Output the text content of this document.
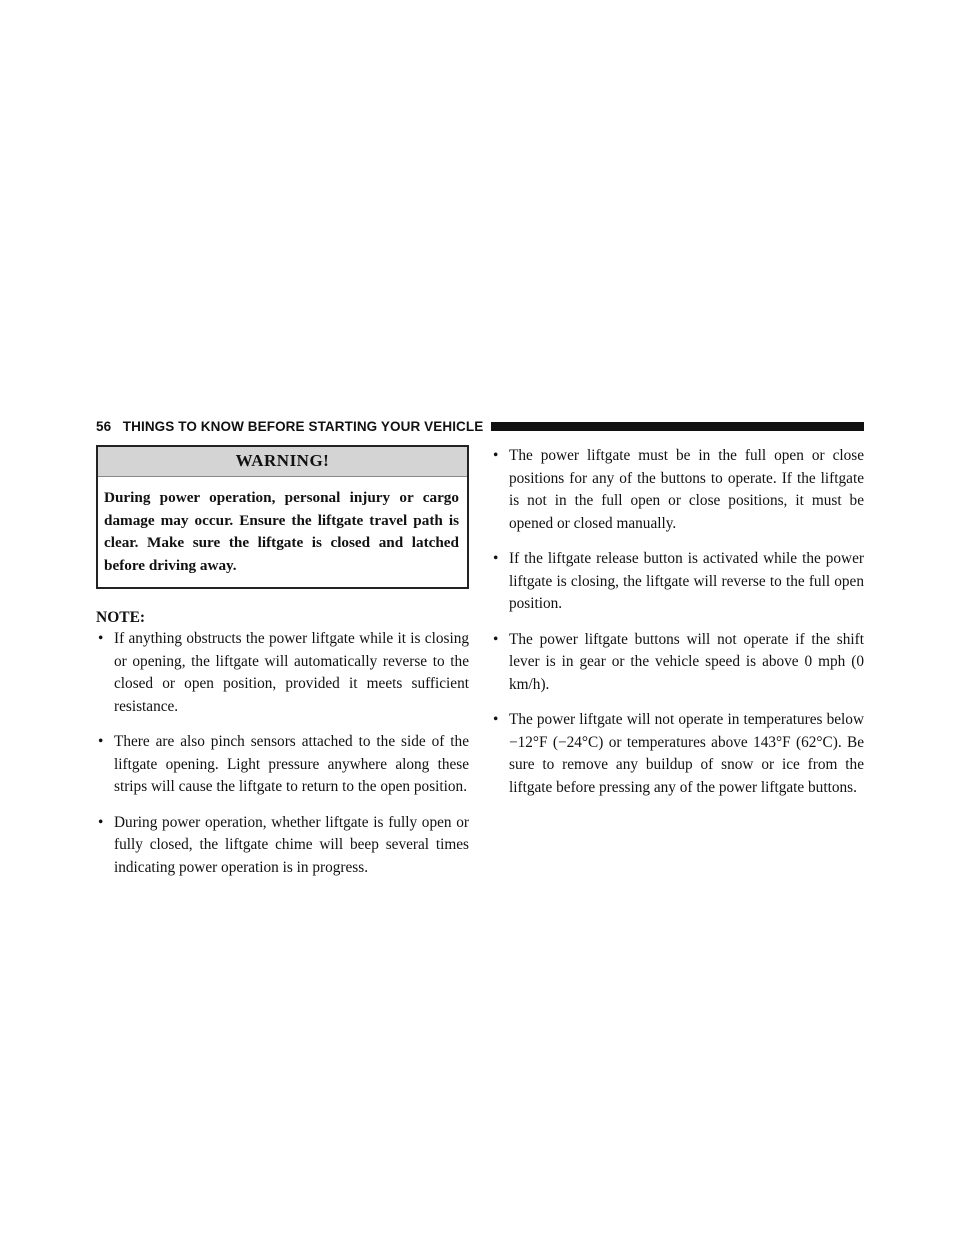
56 THINGS TO KNOW BEFORE STARTING YOUR VEHICLE
WARNING!
During power operation, personal injury or cargo damage may occur. Ensure the liftgate travel path is clear. Make sure the liftgate is closed and latched before driving away.
NOTE:
• If anything obstructs the power liftgate while it is closing or opening, the liftgate will automatically reverse to the closed or open position, provided it meets sufficient resistance.
• There are also pinch sensors attached to the side of the liftgate opening. Light pressure anywhere along these strips will cause the liftgate to return to the open position.
• During power operation, whether liftgate is fully open or fully closed, the liftgate chime will beep several times indicating power operation is in progress.
• The power liftgate must be in the full open or close positions for any of the buttons to operate. If the liftgate is not in the full open or close positions, it must be opened or closed manually.
• If the liftgate release button is activated while the power liftgate is closing, the liftgate will reverse to the full open position.
• The power liftgate buttons will not operate if the shift lever is in gear or the vehicle speed is above 0 mph (0 km/h).
• The power liftgate will not operate in temperatures below −12°F (−24°C) or temperatures above 143°F (62°C). Be sure to remove any buildup of snow or ice from the liftgate before pressing any of the power liftgate buttons.
